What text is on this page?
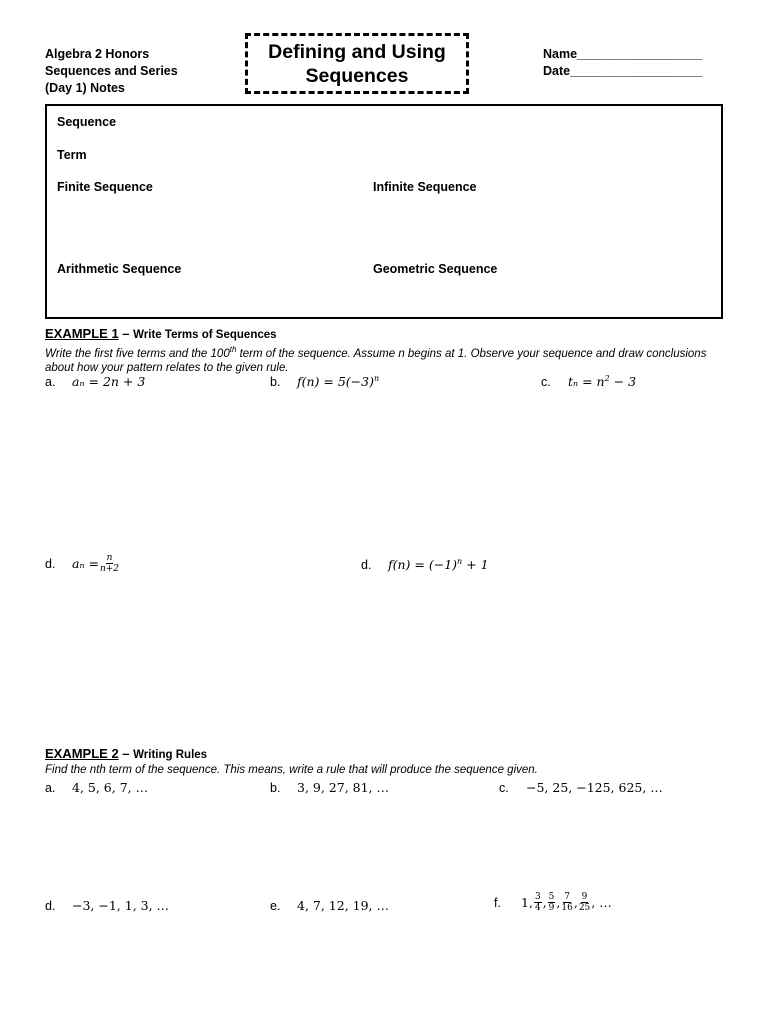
Algebra 2 Honors
Sequences and Series
(Day 1) Notes
Defining and Using
Sequences
Name__________________
Date___________________
Sequence
Term
Finite Sequence	Infinite Sequence
Arithmetic Sequence	Geometric Sequence
EXAMPLE 1 – Write Terms of Sequences
Write the first five terms and the 100th term of the sequence. Assume n begins at 1. Observe your sequence and draw conclusions about how your pattern relates to the given rule.
a.	aₙ = 2n + 3	b.	$f(n) = 5(-3)^n$	c.	$t_n = n^2 - 3$
d.	$a_n = \frac{n}{n+2}$	d.	$f(n) = (-1)^n + 1$
EXAMPLE 2 – Writing Rules
Find the nth term of the sequence. This means, write a rule that will produce the sequence given.
a.	4, 5, 6, 7, …	b.	3, 9, 27, 81, …	c.	−5, 25, −125, 625, …
d.	−3, −1, 1, 3, …	e.	4, 7, 12, 19, …	f.	1, $\frac{3}{4}$ , $\frac{5}{9}$ , $\frac{7}{16}$ , $\frac{9}{25}$ , …
